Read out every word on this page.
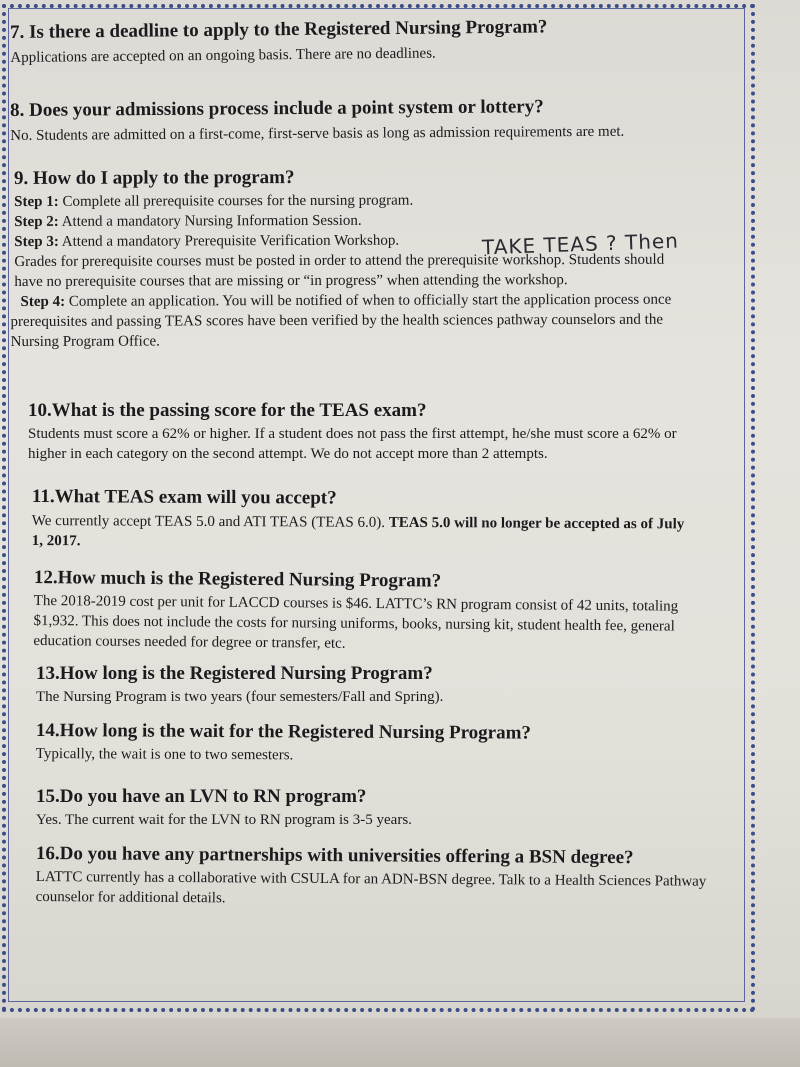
7. Is there a deadline to apply to the Registered Nursing Program?
Applications are accepted on an ongoing basis. There are no deadlines.
8. Does your admissions process include a point system or lottery?
No. Students are admitted on a first-come, first-serve basis as long as admission requirements are met.
9. How do I apply to the program?
Step 1: Complete all prerequisite courses for the nursing program.
Step 2: Attend a mandatory Nursing Information Session.
Step 3: Attend a mandatory Prerequisite Verification Workshop.
Grades for prerequisite courses must be posted in order to attend the prerequisite workshop. Students should
have no prerequisite courses that are missing or “in progress” when attending the workshop.
Step 4: Complete an application. You will be notified of when to officially start the application process once
prerequisites and passing TEAS scores have been verified by the health sciences pathway counselors and the
Nursing Program Office.
TAKE TEAS ? Then
10.What is the passing score for the TEAS exam?
Students must score a 62% or higher. If a student does not pass the first attempt, he/she must score a 62% or
higher in each category on the second attempt. We do not accept more than 2 attempts.
11.What TEAS exam will you accept?
We currently accept TEAS 5.0 and ATI TEAS (TEAS 6.0). TEAS 5.0 will no longer be accepted as of July
1, 2017.
12.How much is the Registered Nursing Program?
The 2018-2019 cost per unit for LACCD courses is $46. LATTC’s RN program consist of 42 units, totaling
$1,932. This does not include the costs for nursing uniforms, books, nursing kit, student health fee, general
education courses needed for degree or transfer, etc.
13.How long is the Registered Nursing Program?
The Nursing Program is two years (four semesters/Fall and Spring).
14.How long is the wait for the Registered Nursing Program?
Typically, the wait is one to two semesters.
15.Do you have an LVN to RN program?
Yes. The current wait for the LVN to RN program is 3-5 years.
16.Do you have any partnerships with universities offering a BSN degree?
LATTC currently has a collaborative with CSULA for an ADN-BSN degree. Talk to a Health Sciences Pathway
counselor for additional details.
